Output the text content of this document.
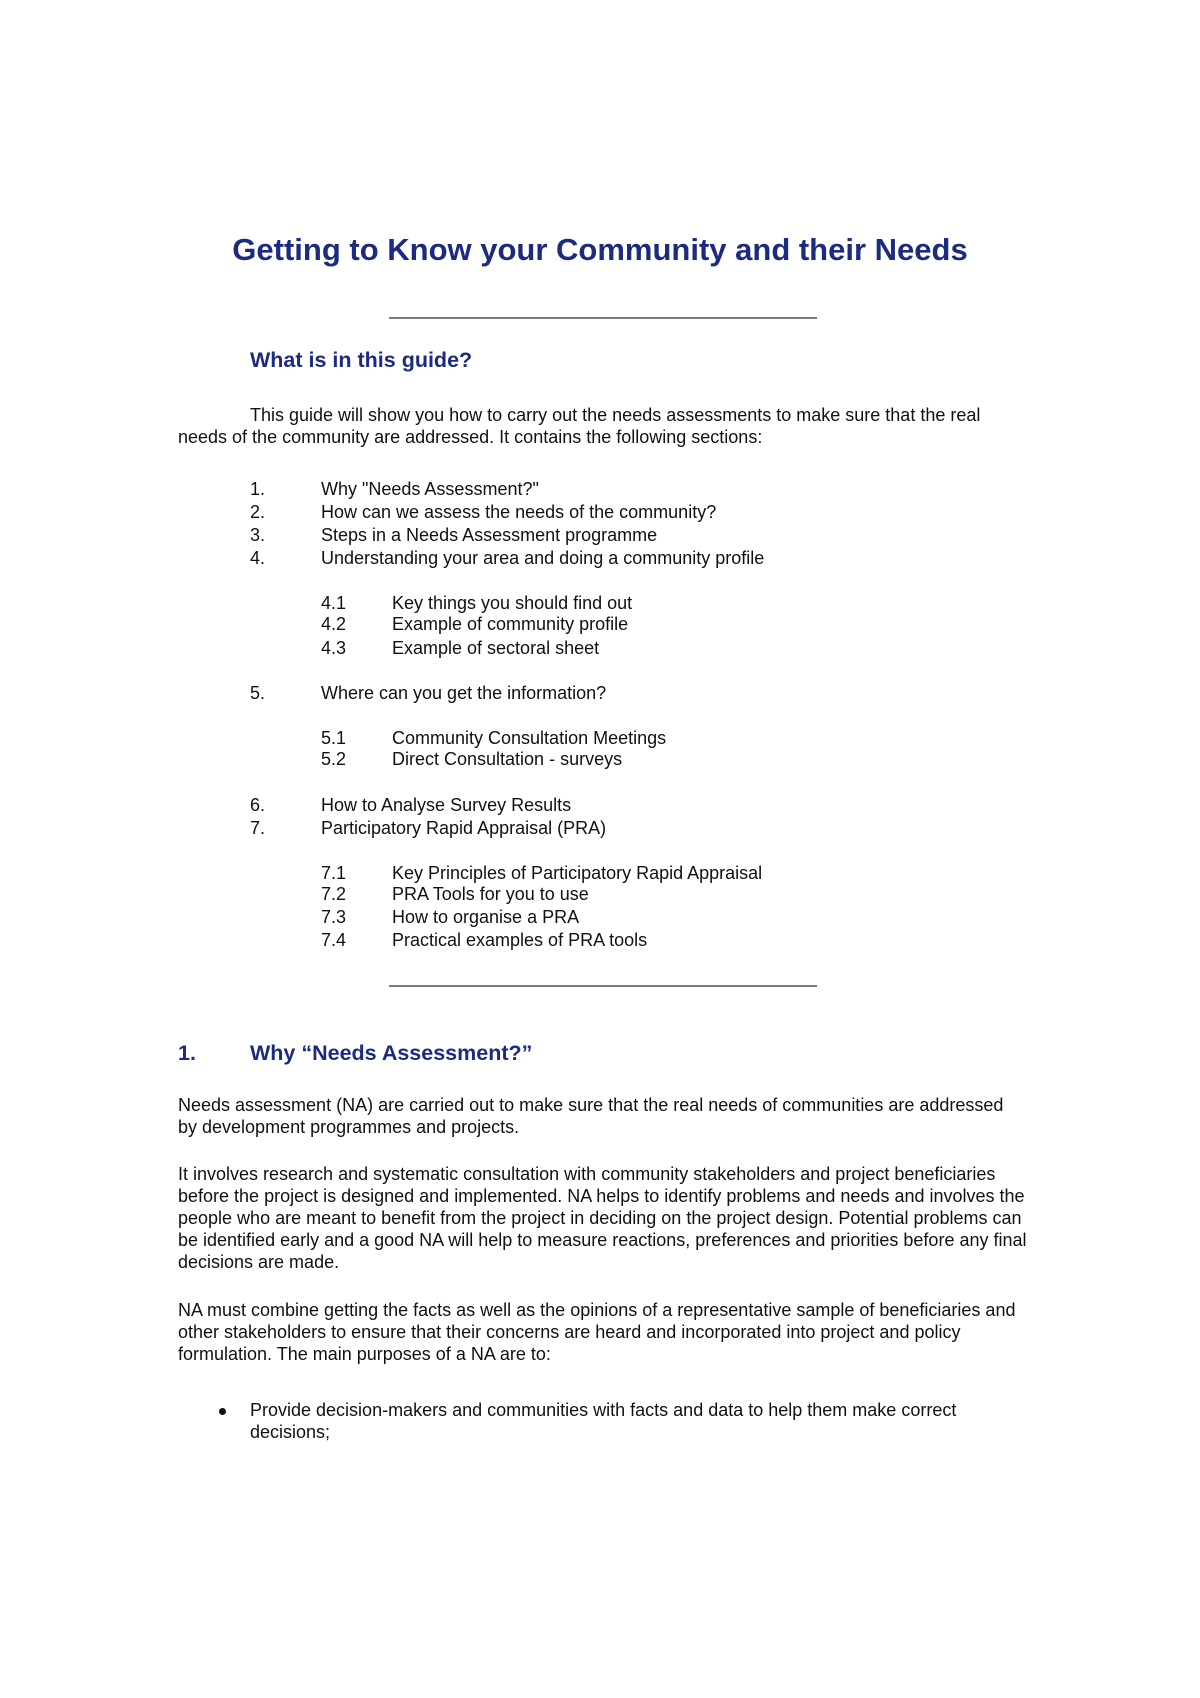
Getting to Know your Community and their Needs
What is in this guide?
This guide will show you how to carry out the needs assessments to make sure that the real needs of the community are addressed. It contains the following sections:
1.	Why "Needs Assessment?"
2.	How can we assess the needs of the community?
3.	Steps in a Needs Assessment programme
4.	Understanding your area and doing a community profile
4.1	Key things you should find out
4.2	Example of community profile
4.3	Example of sectoral sheet
5.	Where can you get the information?
5.1	Community Consultation Meetings
5.2	Direct Consultation - surveys
6.	How to Analyse Survey Results
7.	Participatory Rapid Appraisal (PRA)
7.1	Key Principles of Participatory Rapid Appraisal
7.2	PRA Tools for you to use
7.3	How to organise a PRA
7.4	Practical examples of PRA tools
1.	Why “Needs Assessment?”
Needs assessment (NA) are carried out to make sure that the real needs of communities are addressed by development programmes and projects.
It involves research and systematic consultation with community stakeholders and project beneficiaries before the project is designed and implemented. NA helps to identify problems and needs and involves the people who are meant to benefit from the project in deciding on the project design. Potential problems can be identified early and a good NA will help to measure reactions, preferences and priorities before any final decisions are made.
NA must combine getting the facts as well as the opinions of a representative sample of beneficiaries and other stakeholders to ensure that their concerns are heard and incorporated into project and policy formulation. The main purposes of a NA are to:
Provide decision-makers and communities with facts and data to help them make correct decisions;
